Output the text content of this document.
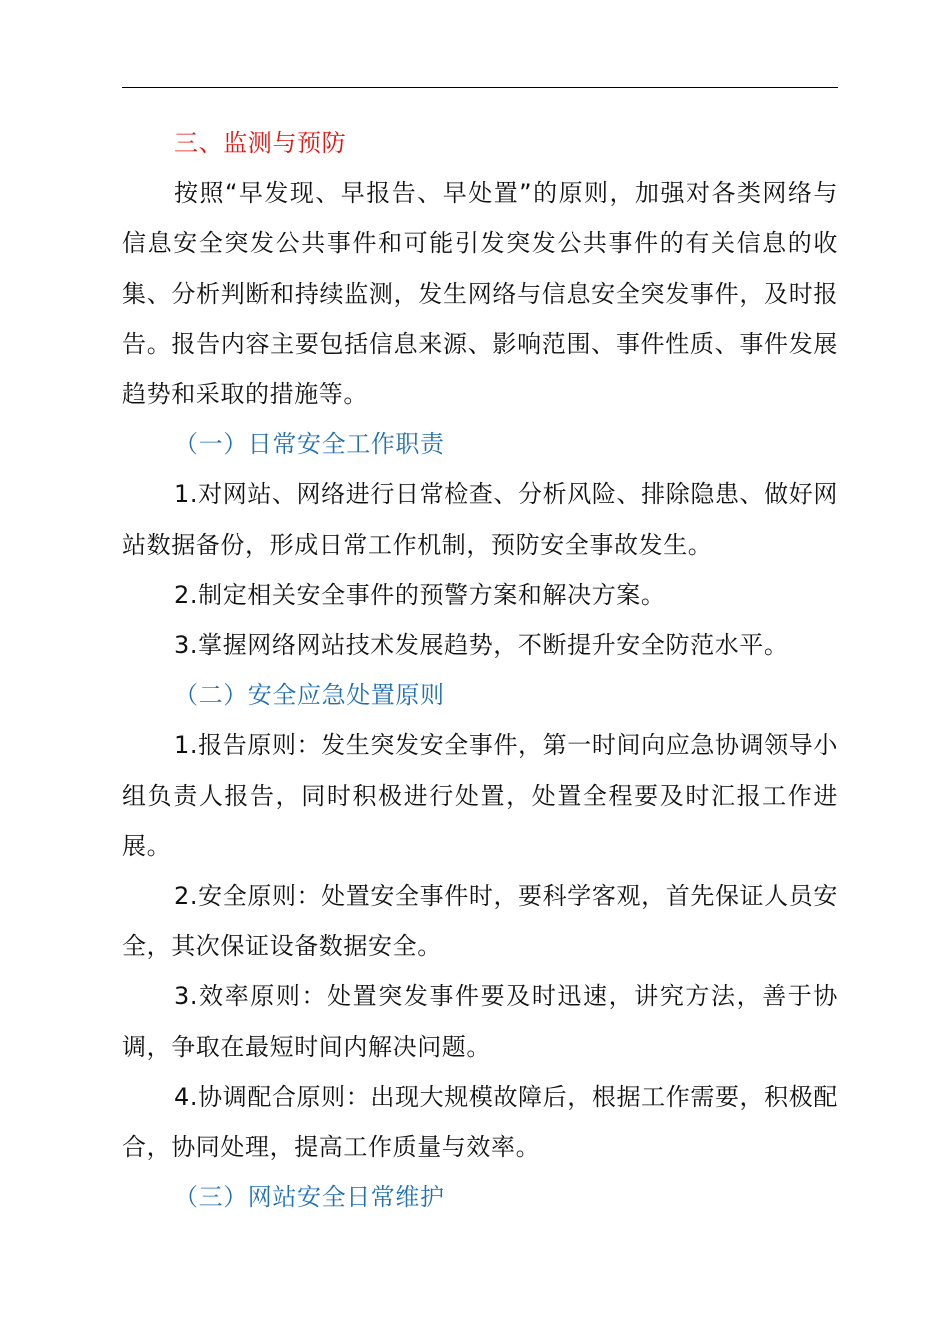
三、监测与预防

按照“早发现、早报告、早处置”的原则，加强对各类网络与信息安全突发公共事件和可能引发突发公共事件的有关信息的收集、分析判断和持续监测，发生网络与信息安全突发事件，及时报告。报告内容主要包括信息来源、影响范围、事件性质、事件发展趋势和采取的措施等。

（一）日常安全工作职责

1.对网站、网络进行日常检查、分析风险、排除隐患、做好网站数据备份，形成日常工作机制，预防安全事故发生。

2.制定相关安全事件的预警方案和解决方案。

3.掌握网络网站技术发展趋势，不断提升安全防范水平。

（二）安全应急处置原则

1.报告原则：发生突发安全事件，第一时间向应急协调领导小组负责人报告，同时积极进行处置，处置全程要及时汇报工作进展。

2.安全原则：处置安全事件时，要科学客观，首先保证人员安全，其次保证设备数据安全。

3.效率原则：处置突发事件要及时迅速，讲究方法，善于协调，争取在最短时间内解决问题。

4.协调配合原则：出现大规模故障后，根据工作需要，积极配合，协同处理，提高工作质量与效率。

（三）网站安全日常维护
